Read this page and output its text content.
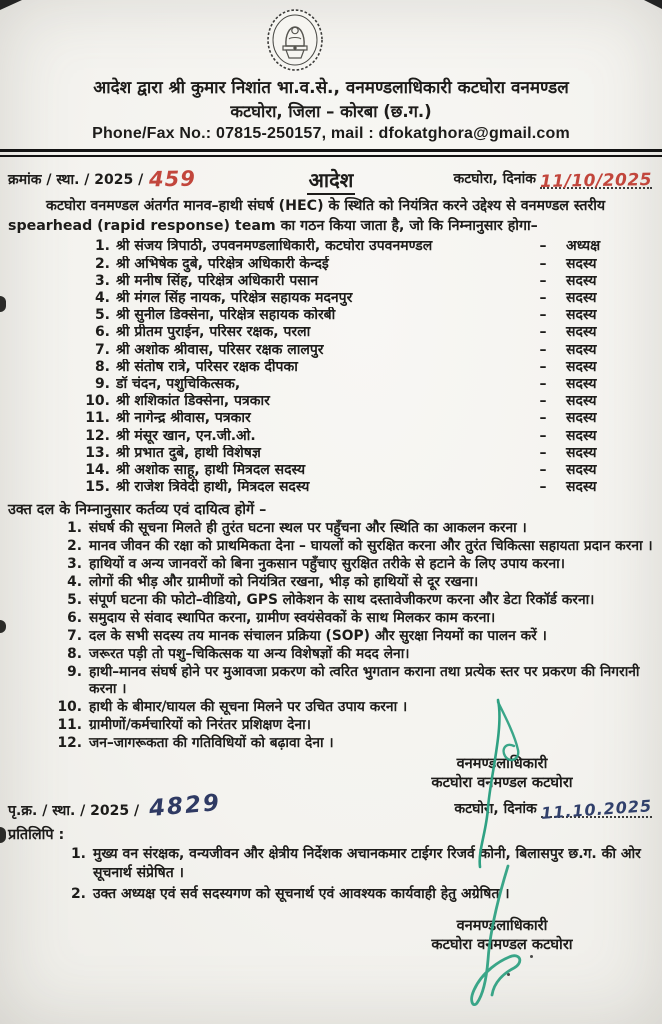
आदेश द्वारा श्री कुमार निशांत भा.व.से., वनमण्डलाधिकारी कटघोरा वनमण्डल
कटघोरा, जिला – कोरबा (छ.ग.)
Phone/Fax No.: 07815-250157, mail : dfokatghora@gmail.com
क्रमांक / स्था. / 2025 / 459	कटघोरा, दिनांक 11/10/2025
आदेश

कटघोरा वनमण्डल अंतर्गत मानव–हाथी संघर्ष (HEC) के स्थिति को नियंत्रित करने उद्देश्य से वनमण्डल स्तरीय spearhead (rapid response) team का गठन किया जाता है, जो कि निम्नानुसार होगा–

1. श्री संजय त्रिपाठी, उपवनमण्डलाधिकारी, कटघोरा उपवनमण्डल	–	अध्यक्ष
2. श्री अभिषेक दुबे, परिक्षेत्र अधिकारी केन्दई	–	सदस्य
3. श्री मनीष सिंह, परिक्षेत्र अधिकारी पसान	–	सदस्य
4. श्री मंगल सिंह नायक, परिक्षेत्र सहायक मदनपुर	–	सदस्य
5. श्री सुनील डिक्सेना, परिक्षेत्र सहायक कोरबी	–	सदस्य
6. श्री प्रीतम पुराईन, परिसर रक्षक, परला	–	सदस्य
7. श्री अशोक श्रीवास, परिसर रक्षक लालपुर	–	सदस्य
8. श्री संतोष रात्रे, परिसर रक्षक दीपका	–	सदस्य
9. डॉ चंदन, पशुचिकित्सक,	–	सदस्य
10. श्री शशिकांत डिक्सेना, पत्रकार	–	सदस्य
11. श्री नागेन्द्र श्रीवास, पत्रकार	–	सदस्य
12. श्री मंसूर खान, एन.जी.ओ.	–	सदस्य
13. श्री प्रभात दुबे, हाथी विशेषज्ञ	–	सदस्य
14. श्री अशोक साहू, हाथी मित्रदल सदस्य	–	सदस्य
15. श्री राजेश त्रिवेदी हाथी, मित्रदल सदस्य	–	सदस्य
उक्त दल के निम्नानुसार कर्तव्य एवं दायित्व होगें –
1. संघर्ष की सूचना मिलते ही तुरंत घटना स्थल पर पहुँचना और स्थिति का आकलन करना ।
2. मानव जीवन की रक्षा को प्राथमिकता देना – घायलों को सुरक्षित करना और तुरंत चिकित्सा सहायता प्रदान करना ।
3. हाथियों व अन्य जानवरों को बिना नुकसान पहुँचाए सुरक्षित तरीके से हटाने के लिए उपाय करना।
4. लोगों की भीड़ और ग्रामीणों को नियंत्रित रखना, भीड़ को हाथियों से दूर रखना।
5. संपूर्ण घटना की फोटो–वीडियो, GPS लोकेशन के साथ दस्तावेजीकरण करना और डेटा रिकॉर्ड करना।
6. समुदाय से संवाद स्थापित करना, ग्रामीण स्वयंसेवकों के साथ मिलकर काम करना।
7. दल के सभी सदस्य तय मानक संचालन प्रक्रिया (SOP) और सुरक्षा नियमों का पालन करें ।
8. जरूरत पड़ी तो पशु–चिकित्सक या अन्य विशेषज्ञों की मदद लेना।
9. हाथी–मानव संघर्ष होने पर मुआवजा प्रकरण को त्वरित भुगतान कराना तथा प्रत्येक स्तर पर प्रकरण की निगरानी करना ।
10. हाथी के बीमार/घायल की सूचना मिलने पर उचित उपाय करना ।
11. ग्रामीणों/कर्मचारियों को निरंतर प्रशिक्षण देना।
12. जन–जागरूकता की गतिविधियों को बढ़ावा देना ।
वनमण्डलाधिकारी
कटघोरा वनमण्डल कटघोरा
पृ.क्र. / स्था. / 2025 / 4829	कटघोरा, दिनांक 11.10.2025
प्रतिलिपि :
1. मुख्य वन संरक्षक, वन्यजीवन और क्षेत्रीय निर्देशक अचानकमार टाईगर रिजर्व कोनी, बिलासपुर छ.ग. की ओर सूचनार्थ संप्रेषित ।
2. उक्त अध्यक्ष एवं सर्व सदस्यगण को सूचनार्थ एवं आवश्यक कार्यवाही हेतु अग्रेषित ।
वनमण्डलाधिकारी
कटघोरा वनमण्डल कटघोरा
